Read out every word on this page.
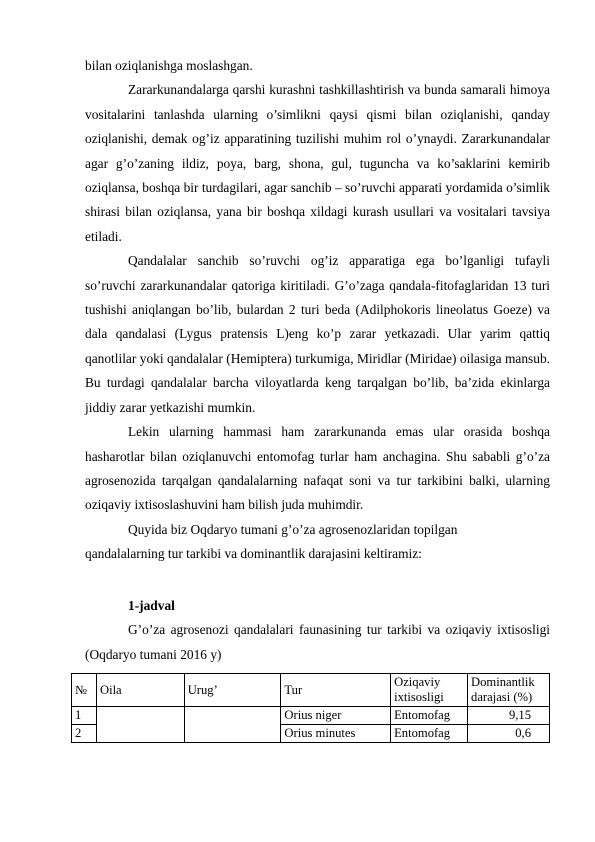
bilan oziqlanishga moslashgan.

Zararkunandalarga qarshi kurashni tashkillashtirish va bunda samarali himoya vositalarini tanlashda ularning o’simlikni qaysi qismi bilan oziqlanishi, qanday oziqlanishi, demak og’iz apparatining tuzilishi muhim rol o’ynaydi. Zararkunandalar agar g’o’zaning ildiz, poya, barg, shona, gul, tuguncha va ko’saklarini kemirib oziqlansa, boshqa bir turdagilari, agar sanchib – so’ruvchi apparati yordamida o’simlik shirasi bilan oziqlansa, yana bir boshqa xildagi kurash usullari va vositalari tavsiya etiladi.

Qandalalar sanchib so’ruvchi og’iz apparatiga ega bo’lganligi tufayli so’ruvchi zararkunandalar qatoriga kiritiladi. G’o’zaga qandala-fitofaglaridan 13 turi tushishi aniqlangan bo’lib, bulardan 2 turi beda (Adilphokoris lineolatus Goeze) va dala qandalasi (Lygus pratensis L)eng ko’p zarar yetkazadi. Ular yarim qattiq qanotlilar yoki qandalalar (Hemiptera) turkumiga, Miridlar (Miridae) oilasiga mansub. Bu turdagi qandalalar barcha viloyatlarda keng tarqalgan bo’lib, ba’zida ekinlarga jiddiy zarar yetkazishi mumkin.

Lekin ularning hammasi ham zararkunanda emas ular orasida boshqa hasharotlar bilan oziqlanuvchi entomofag turlar ham anchagina. Shu sababli g’o’za agrosenozida tarqalgan qandalalarning nafaqat soni va tur tarkibini balki, ularning oziqaviy ixtisoslashuvini ham bilish juda muhimdir.

Quyida biz Oqdaryo tumani g’o’za agrosenozlaridan topilgan

qandalalarning tur tarkibi va dominantlik darajasini keltiramiz:

1-jadval

G’o’za agrosenozi qandalalari faunasining tur tarkibi va oziqaviy ixtisosligi (Oqdaryo tumani 2016 y)

№	Oila	Urug’	Tur	Oziqaviy ixtisosligi	Dominantlik darajasi (%)
1			Orius niger	Entomofag	9,15
2			Orius minutes	Entomofag	0,6
